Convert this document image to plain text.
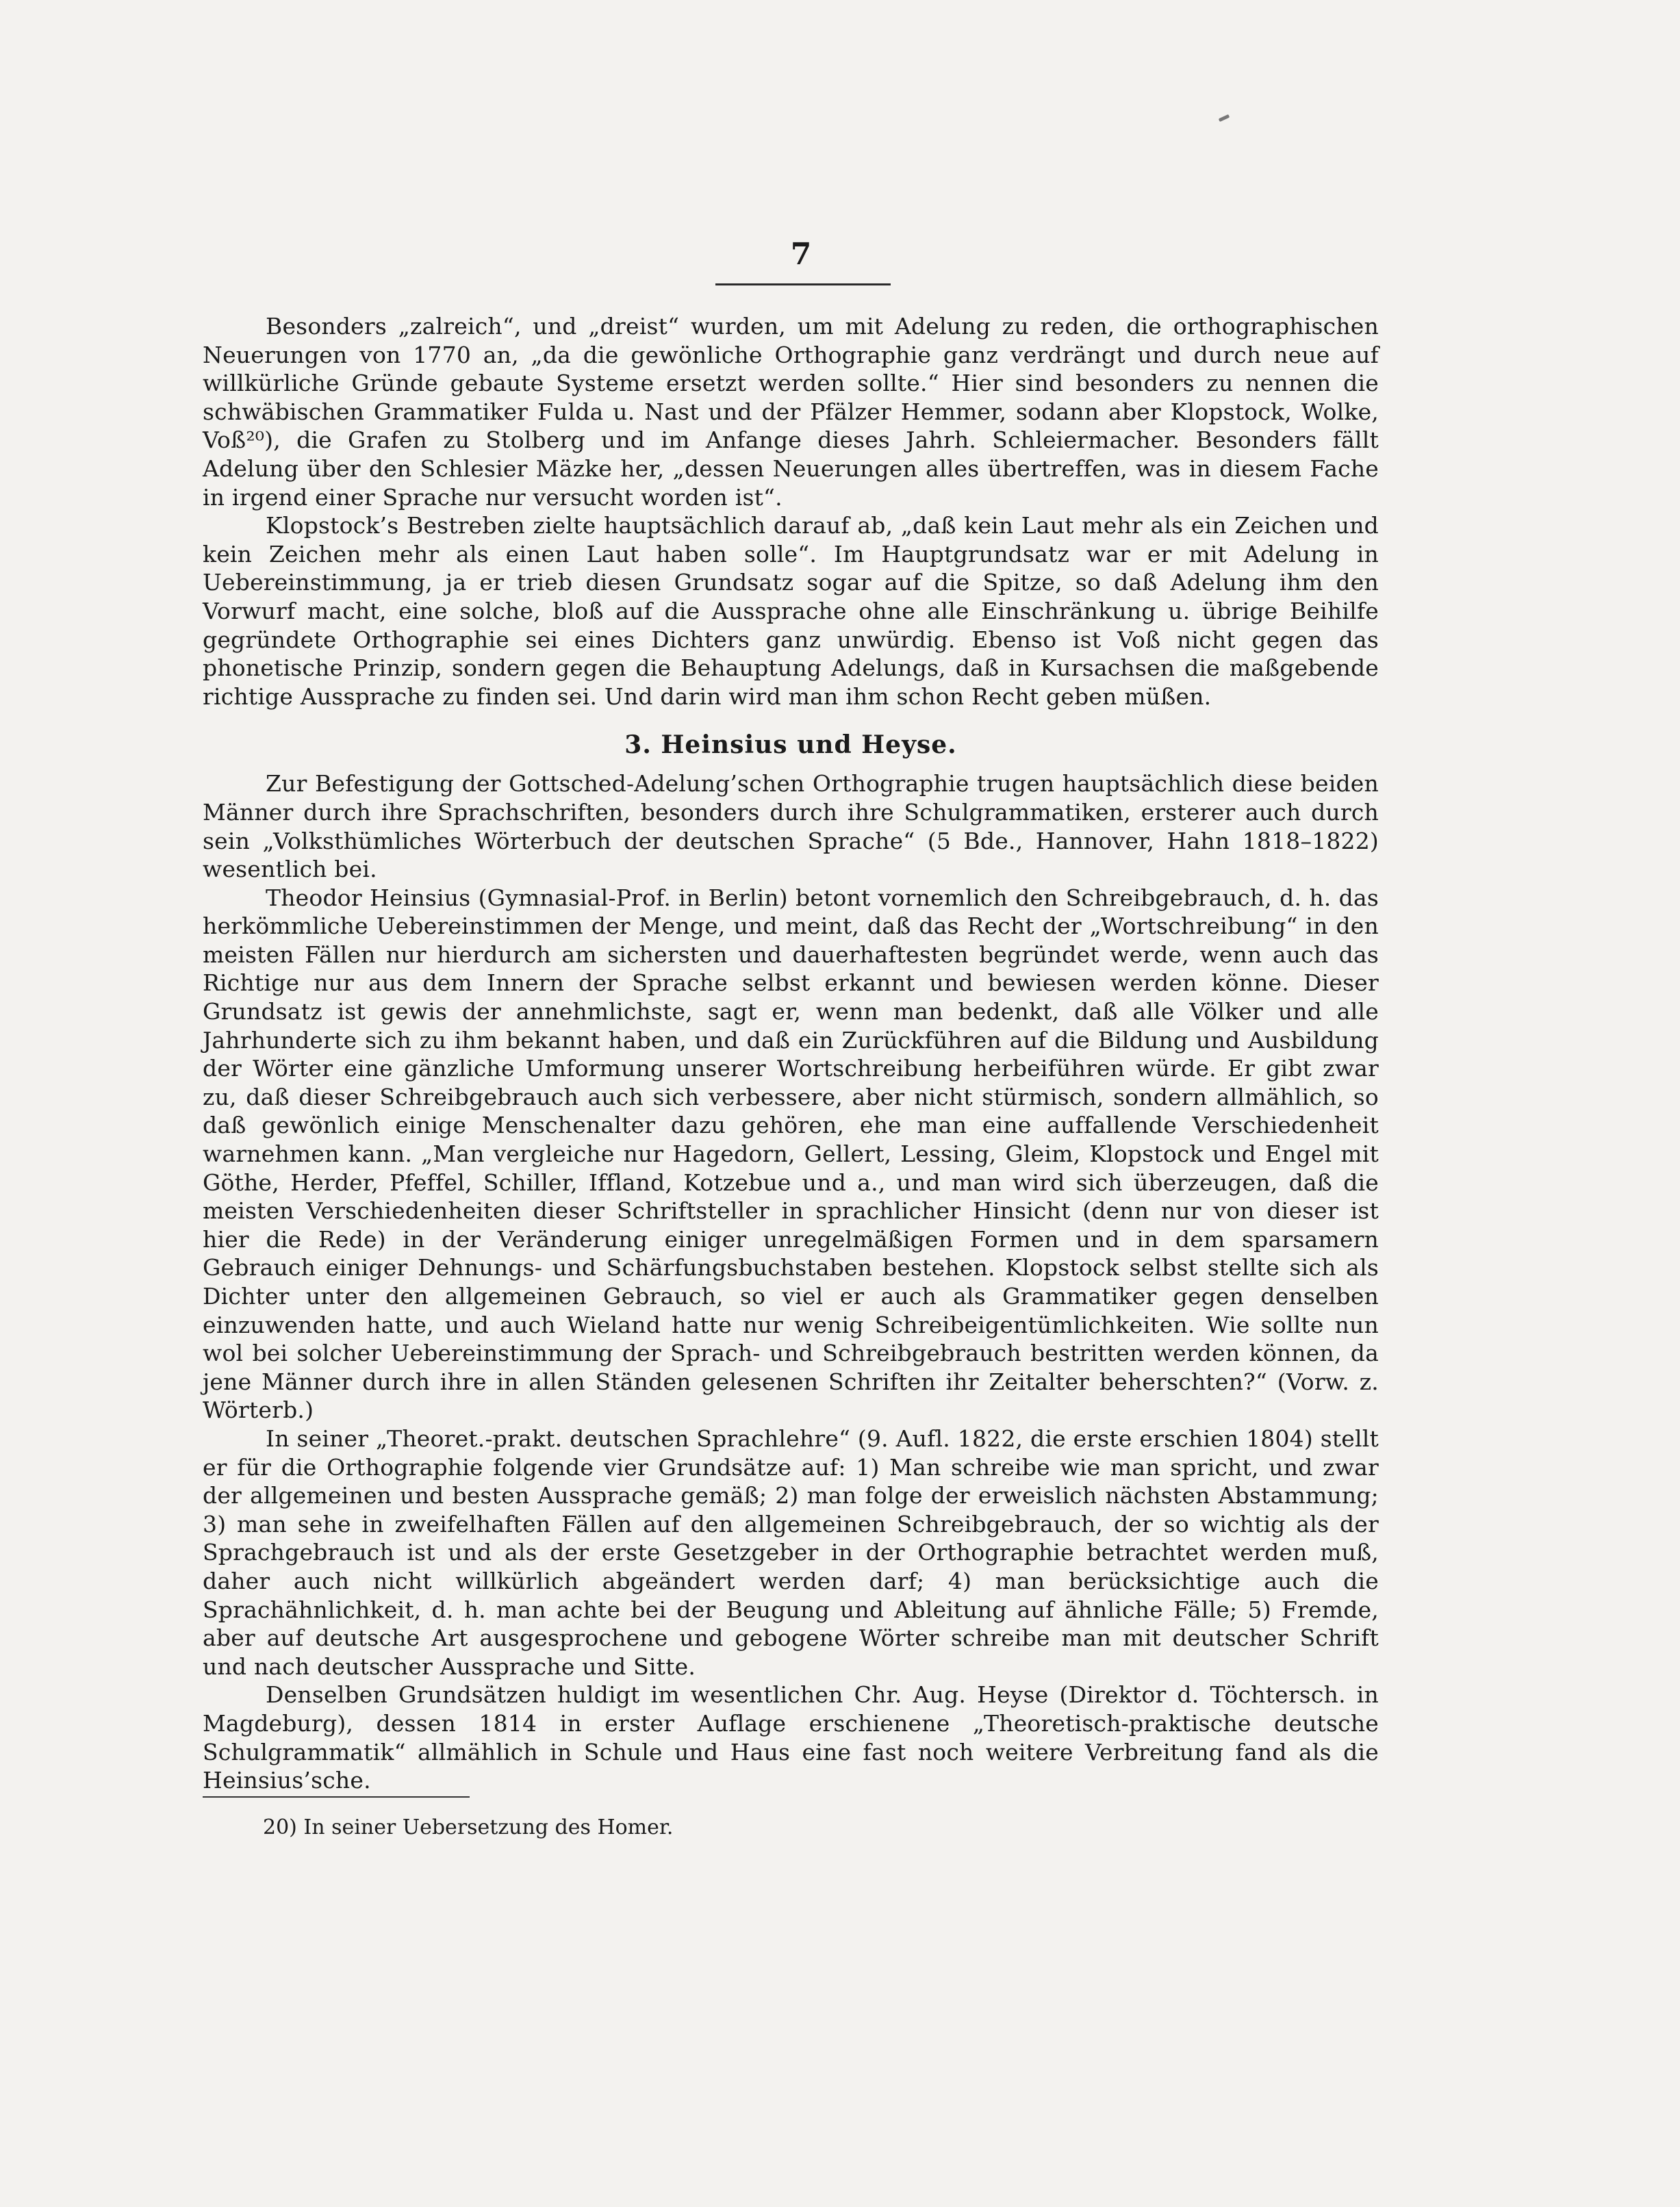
7

Besonders „zalreich“, und „dreist“ wurden, um mit Adelung zu reden, die orthographischen Neuerungen von 1770 an, „da die gewönliche Orthographie ganz verdrängt und durch neue auf willkürliche Gründe gebaute Systeme ersetzt werden sollte.“ Hier sind besonders zu nennen die schwäbischen Grammatiker Fulda u. Nast und der Pfälzer Hemmer, sodann aber Klopstock, Wolke, Voß²⁰), die Grafen zu Stolberg und im Anfange dieses Jahrh. Schleiermacher. Besonders fällt Adelung über den Schlesier Mäzke her, „dessen Neuerungen alles übertreffen, was in diesem Fache in irgend einer Sprache nur versucht worden ist“.

Klopstock’s Bestreben zielte hauptsächlich darauf ab, „daß kein Laut mehr als ein Zeichen und kein Zeichen mehr als einen Laut haben solle“. Im Hauptgrundsatz war er mit Adelung in Uebereinstimmung, ja er trieb diesen Grundsatz sogar auf die Spitze, so daß Adelung ihm den Vorwurf macht, eine solche, bloß auf die Aussprache ohne alle Einschränkung u. übrige Beihilfe gegründete Orthographie sei eines Dichters ganz unwürdig. Ebenso ist Voß nicht gegen das phonetische Prinzip, sondern gegen die Behauptung Adelungs, daß in Kursachsen die maßgebende richtige Aussprache zu finden sei. Und darin wird man ihm schon Recht geben müßen.

3. Heinsius und Heyse.

Zur Befestigung der Gottsched-Adelung’schen Orthographie trugen hauptsächlich diese beiden Männer durch ihre Sprachschriften, besonders durch ihre Schulgrammatiken, ersterer auch durch sein „Volksthümliches Wörterbuch der deutschen Sprache“ (5 Bde., Hannover, Hahn 1818–1822) wesentlich bei.

Theodor Heinsius (Gymnasial-Prof. in Berlin) betont vornemlich den Schreibgebrauch, d. h. das herkömmliche Uebereinstimmen der Menge, und meint, daß das Recht der „Wortschreibung“ in den meisten Fällen nur hierdurch am sichersten und dauerhaftesten begründet werde, wenn auch das Richtige nur aus dem Innern der Sprache selbst erkannt und bewiesen werden könne. Dieser Grundsatz ist gewis der annehmlichste, sagt er, wenn man bedenkt, daß alle Völker und alle Jahrhunderte sich zu ihm bekannt haben, und daß ein Zurückführen auf die Bildung und Ausbildung der Wörter eine gänzliche Umformung unserer Wortschreibung herbeiführen würde. Er gibt zwar zu, daß dieser Schreibgebrauch auch sich verbessere, aber nicht stürmisch, sondern allmählich, so daß gewönlich einige Menschenalter dazu gehören, ehe man eine auffallende Verschiedenheit warnehmen kann. „Man vergleiche nur Hagedorn, Gellert, Lessing, Gleim, Klopstock und Engel mit Göthe, Herder, Pfeffel, Schiller, Iffland, Kotzebue und a., und man wird sich überzeugen, daß die meisten Verschiedenheiten dieser Schriftsteller in sprachlicher Hinsicht (denn nur von dieser ist hier die Rede) in der Veränderung einiger unregelmäßigen Formen und in dem sparsamern Gebrauch einiger Dehnungs- und Schärfungsbuchstaben bestehen. Klopstock selbst stellte sich als Dichter unter den allgemeinen Gebrauch, so viel er auch als Grammatiker gegen denselben einzuwenden hatte, und auch Wieland hatte nur wenig Schreibeigentümlichkeiten. Wie sollte nun wol bei solcher Uebereinstimmung der Sprach- und Schreibgebrauch bestritten werden können, da jene Männer durch ihre in allen Ständen gelesenen Schriften ihr Zeitalter beherschten?“ (Vorw. z. Wörterb.)

In seiner „Theoret.-prakt. deutschen Sprachlehre“ (9. Aufl. 1822, die erste erschien 1804) stellt er für die Orthographie folgende vier Grundsätze auf: 1) Man schreibe wie man spricht, und zwar der allgemeinen und besten Aussprache gemäß; 2) man folge der erweislich nächsten Abstammung; 3) man sehe in zweifelhaften Fällen auf den allgemeinen Schreibgebrauch, der so wichtig als der Sprachgebrauch ist und als der erste Gesetzgeber in der Orthographie betrachtet werden muß, daher auch nicht willkürlich abgeändert werden darf; 4) man berücksichtige auch die Sprachähnlichkeit, d. h. man achte bei der Beugung und Ableitung auf ähnliche Fälle; 5) Fremde, aber auf deutsche Art ausgesprochene und gebogene Wörter schreibe man mit deutscher Schrift und nach deutscher Aussprache und Sitte.

Denselben Grundsätzen huldigt im wesentlichen Chr. Aug. Heyse (Direktor d. Töchtersch. in Magdeburg), dessen 1814 in erster Auflage erschienene „Theoretisch-praktische deutsche Schulgrammatik“ allmählich in Schule und Haus eine fast noch weitere Verbreitung fand als die Heinsius’sche.

20) In seiner Uebersetzung des Homer.
